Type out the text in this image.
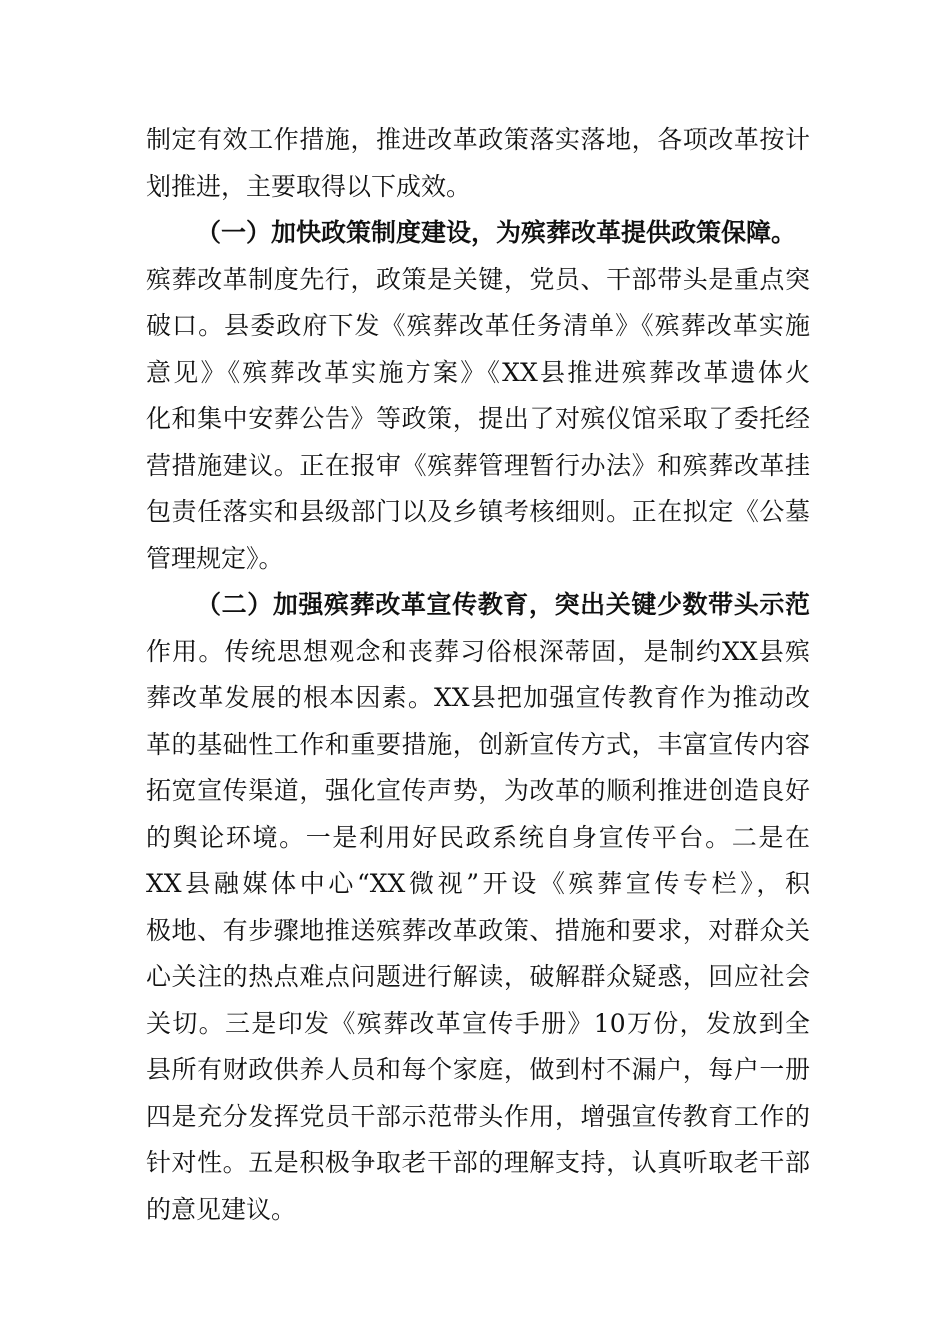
制定有效工作措施，推进改革政策落实落地，各项改革按计
划推进，主要取得以下成效。
（一）加快政策制度建设，为殡葬改革提供政策保障。
殡葬改革制度先行，政策是关键，党员、干部带头是重点突
破口。县委政府下发《殡葬改革任务清单》《殡葬改革实施
意见》《殡葬改革实施方案》《XX县推进殡葬改革遗体火
化和集中安葬公告》等政策，提出了对殡仪馆采取了委托经
营措施建议。正在报审《殡葬管理暂行办法》和殡葬改革挂
包责任落实和县级部门以及乡镇考核细则。正在拟定《公墓
管理规定》。
（二）加强殡葬改革宣传教育，突出关键少数带头示范
作用。传统思想观念和丧葬习俗根深蒂固，是制约XX县殡
葬改革发展的根本因素。XX县把加强宣传教育作为推动改
革的基础性工作和重要措施，创新宣传方式，丰富宣传内容
拓宽宣传渠道，强化宣传声势，为改革的顺利推进创造良好
的舆论环境。一是利用好民政系统自身宣传平台。二是在
XX县融媒体中心“XX微视”开设《殡葬宣传专栏》，积
极地、有步骤地推送殡葬改革政策、措施和要求，对群众关
心关注的热点难点问题进行解读，破解群众疑惑，回应社会
关切。三是印发《殡葬改革宣传手册》10万份，发放到全
县所有财政供养人员和每个家庭，做到村不漏户，每户一册
四是充分发挥党员干部示范带头作用，增强宣传教育工作的
针对性。五是积极争取老干部的理解支持，认真听取老干部
的意见建议。
